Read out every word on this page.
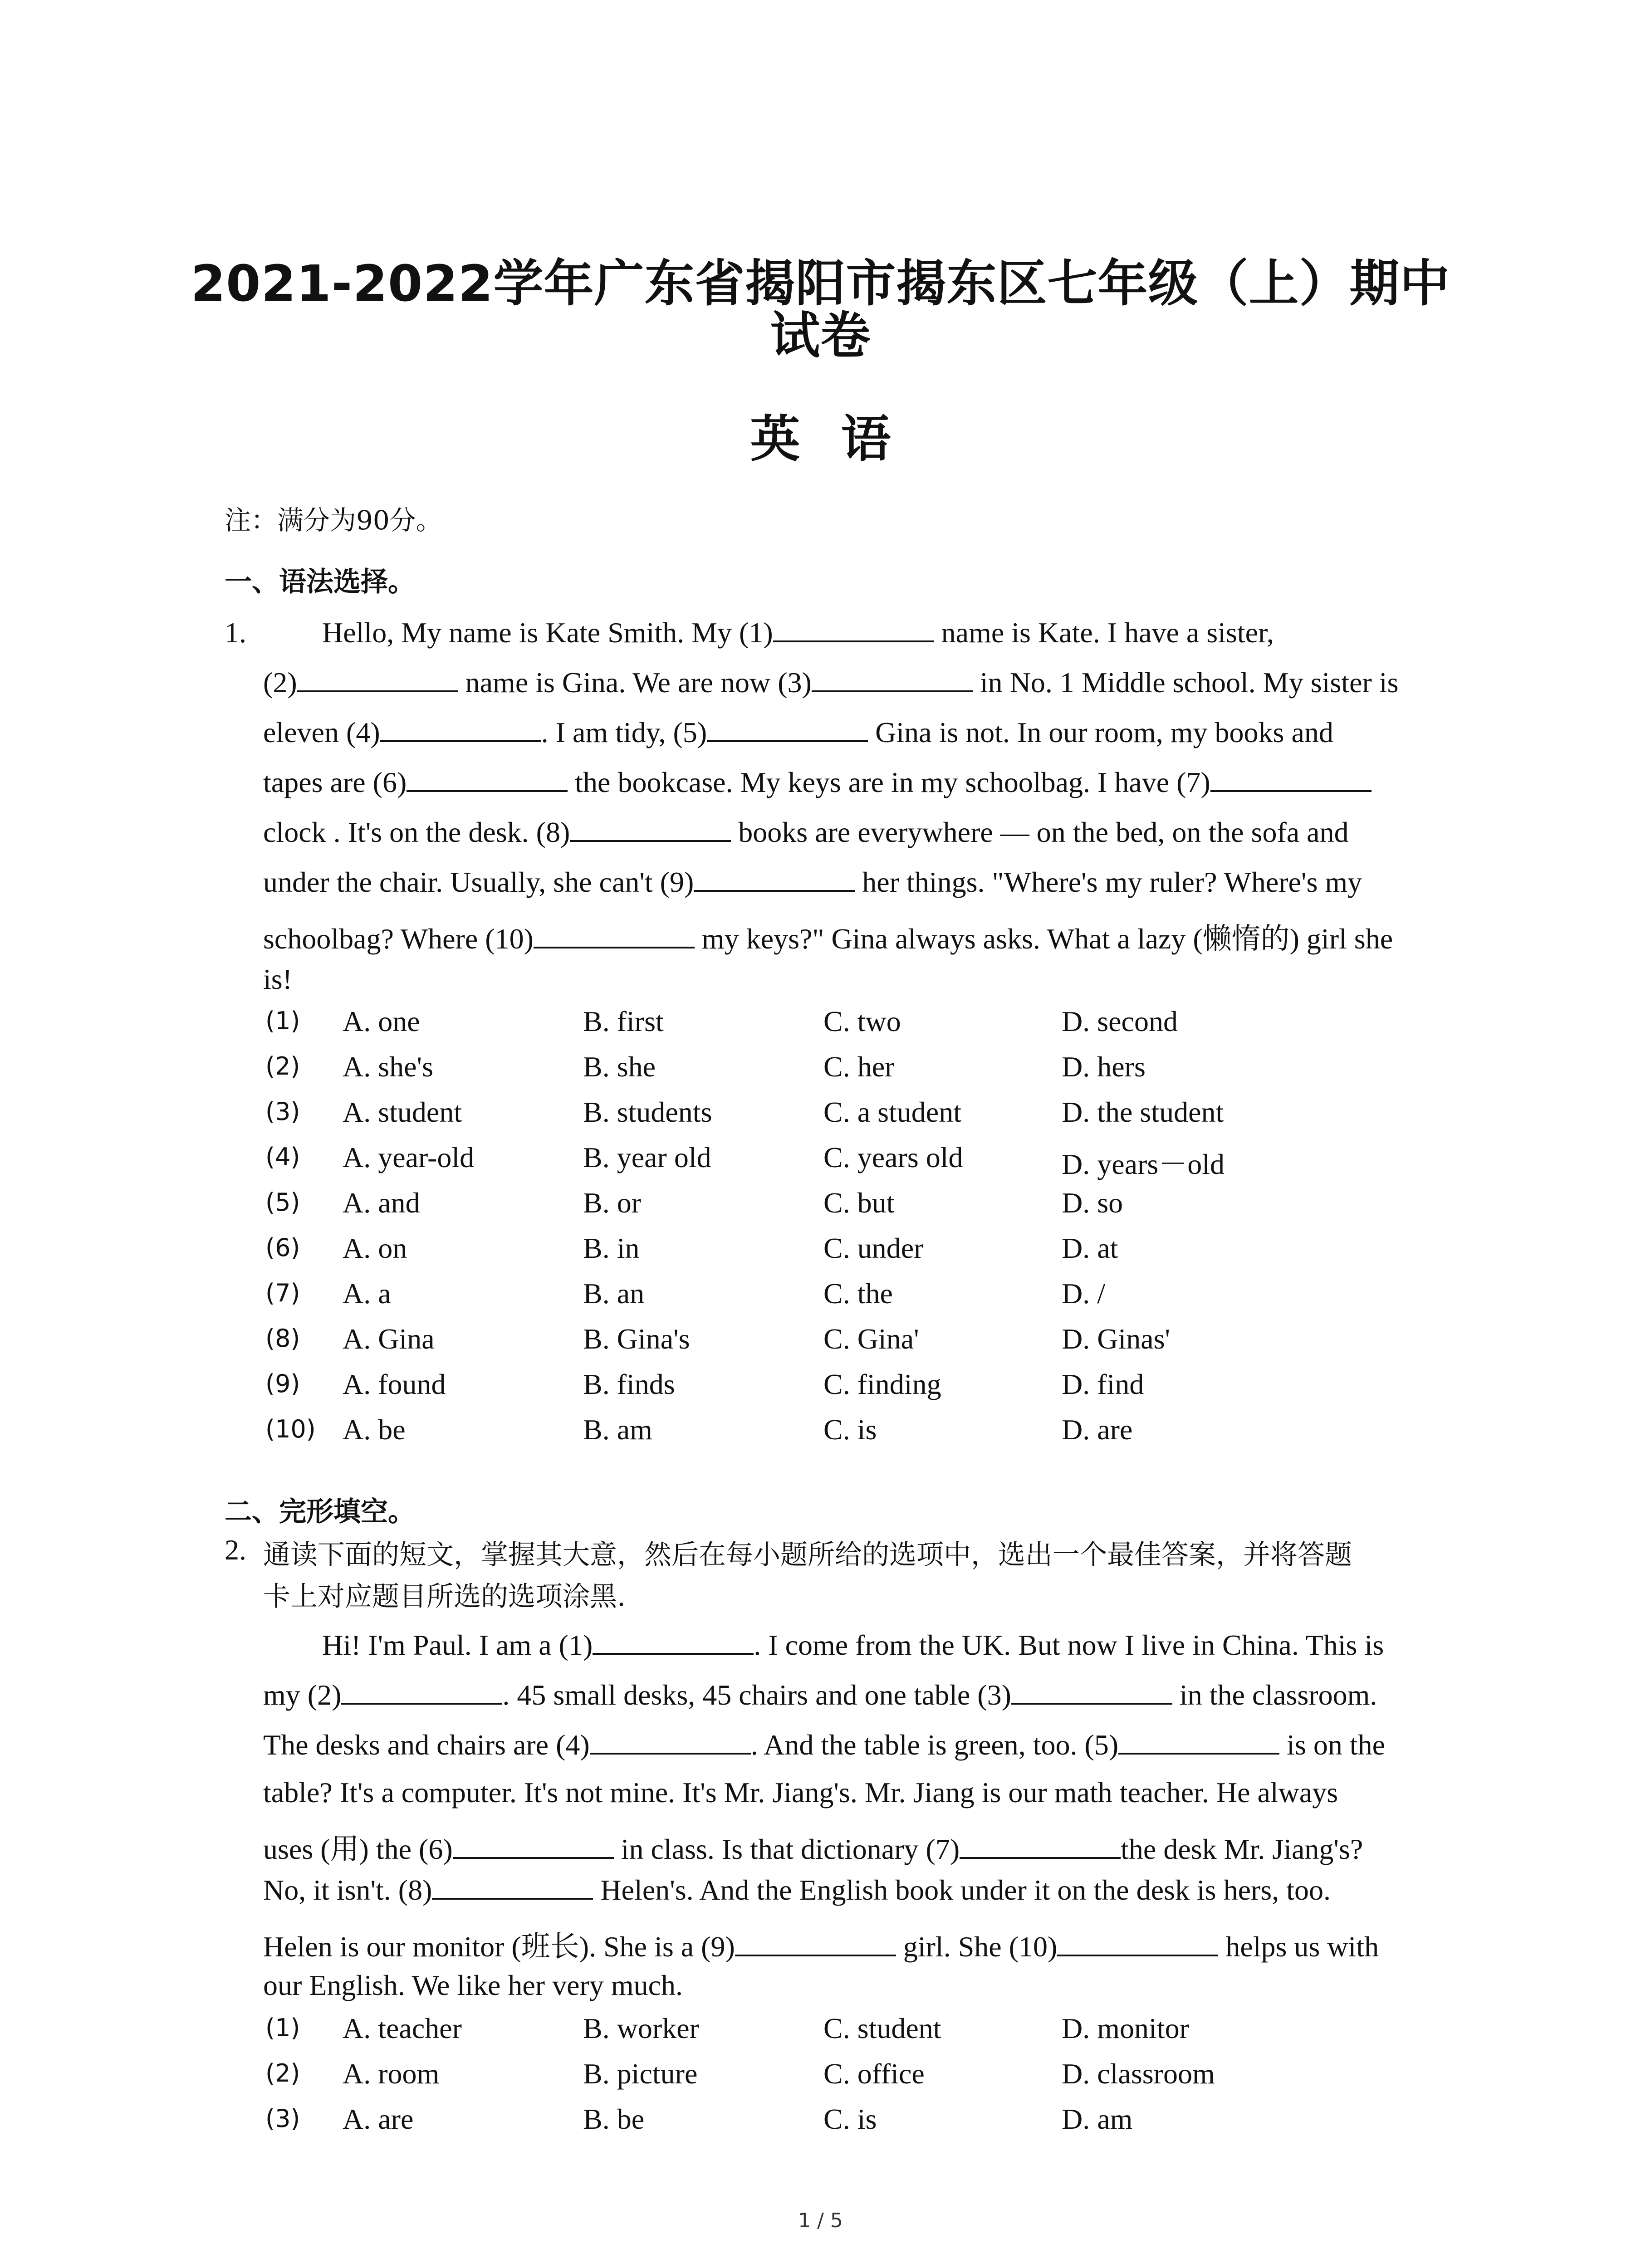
2021-2022学年广东省揭阳市揭东区七年级（上）期中
试卷
英语
注：满分为90分。
一、语法选择。
1.	Hello, My name is Kate Smith. My (1)	name is Kate. I have a sister,
(2)	name is Gina. We are now (3)	in No. 1 Middle school. My sister is
eleven (4)	. I am tidy, (5)	Gina is not. In our room, my books and
tapes are (6)	the bookcase. My keys are in my schoolbag. I have (7)
clock . It's on the desk. (8)	books are everywhere — on the bed, on the sofa and
under the chair. Usually, she can't (9)	her things. "Where's my ruler? Where's my
schoolbag? Where (10)	my keys?" Gina always asks. What a lazy (懒惰的) girl she
is!
(1) A. one	B. first	C. two	D. second
(2) A. she's	B. she	C. her	D. hers
(3) A. student	B. students	C. a student	D. the student
(4) A. year-old	B. year old	C. years old	D. years－old
(5) A. and	B. or	C. but	D. so
(6) A. on	B. in	C. under	D. at
(7) A. a	B. an	C. the	D. /
(8) A. Gina	B. Gina's	C. Gina'	D. Ginas'
(9) A. found	B. finds	C. finding	D. find
(10) A. be	B. am	C. is	D. are
二、完形填空。
2. 通读下面的短文，掌握其大意，然后在每小题所给的选项中，选出一个最佳答案，并将答题
卡上对应题目所选的选项涂黑.
Hi! I'm Paul. I am a (1)	. I come from the UK. But now I live in China. This is
my (2)	. 45 small desks, 45 chairs and one table (3)	in the classroom.
The desks and chairs are (4)	. And the table is green, too. (5)	is on the
table? It's a computer. It's not mine. It's Mr. Jiang's. Mr. Jiang is our math teacher. He always
uses (用) the (6)	in class. Is that dictionary (7)	the desk Mr. Jiang's?
No, it isn't. (8)	Helen's. And the English book under it on the desk is hers, too.
Helen is our monitor (班长). She is a (9)	girl. She (10)	helps us with
our English. We like her very much.
(1) A. teacher	B. worker	C. student	D. monitor
(2) A. room	B. picture	C. office	D. classroom
(3) A. are	B. be	C. is	D. am
1 / 5
